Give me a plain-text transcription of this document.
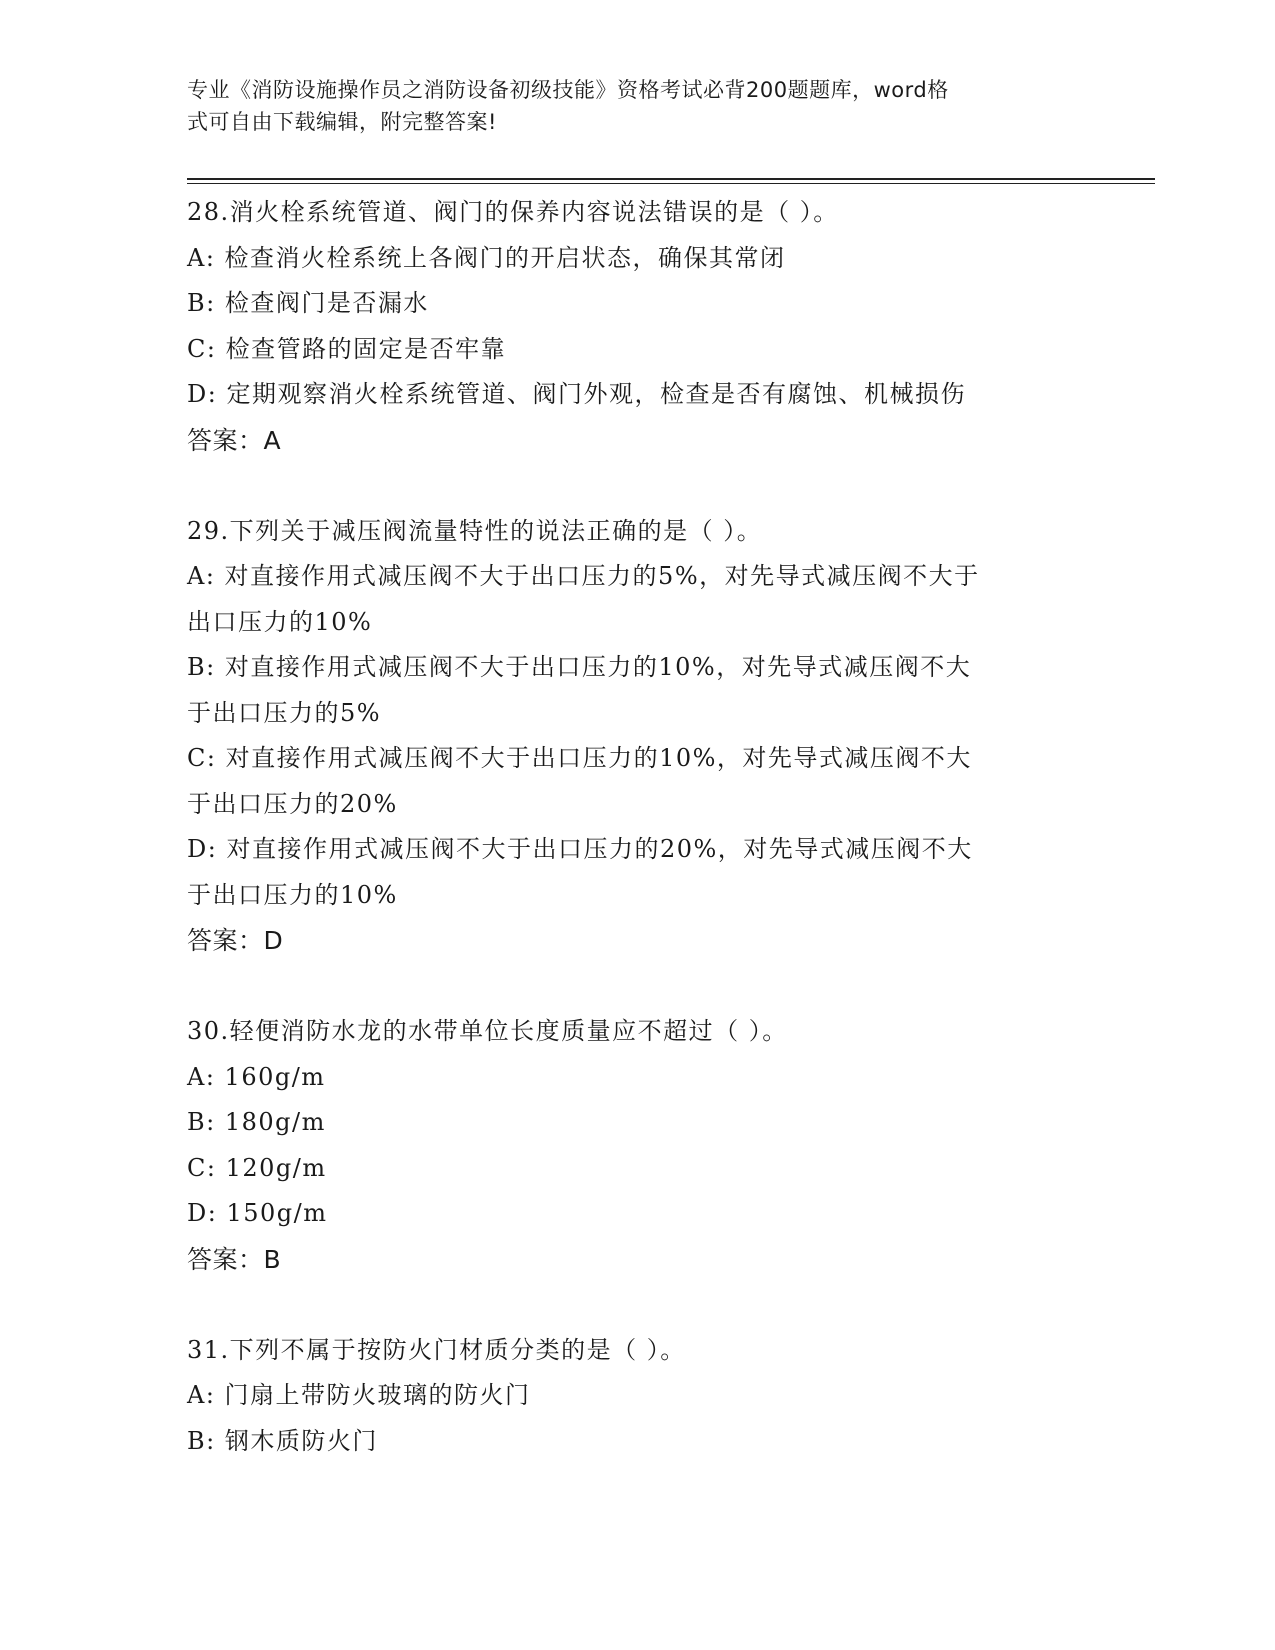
专业《消防设施操作员之消防设备初级技能》资格考试必背200题题库，word格
式可自由下载编辑，附完整答案!
28.消火栓系统管道、阀门的保养内容说法错误的是（ ）。
A: 检查消火栓系统上各阀门的开启状态，确保其常闭
B: 检查阀门是否漏水
C: 检查管路的固定是否牢靠
D: 定期观察消火栓系统管道、阀门外观，检查是否有腐蚀、机械损伤
答案：A
29.下列关于减压阀流量特性的说法正确的是（ ）。
A: 对直接作用式减压阀不大于出口压力的5%，对先导式减压阀不大于
出口压力的10%
B: 对直接作用式减压阀不大于出口压力的10%，对先导式减压阀不大
于出口压力的5%
C: 对直接作用式减压阀不大于出口压力的10%，对先导式减压阀不大
于出口压力的20%
D: 对直接作用式减压阀不大于出口压力的20%，对先导式减压阀不大
于出口压力的10%
答案：D
30.轻便消防水龙的水带单位长度质量应不超过（ ）。
A: 160g/m
B: 180g/m
C: 120g/m
D: 150g/m
答案：B
31.下列不属于按防火门材质分类的是（ ）。
A: 门扇上带防火玻璃的防火门
B: 钢木质防火门
